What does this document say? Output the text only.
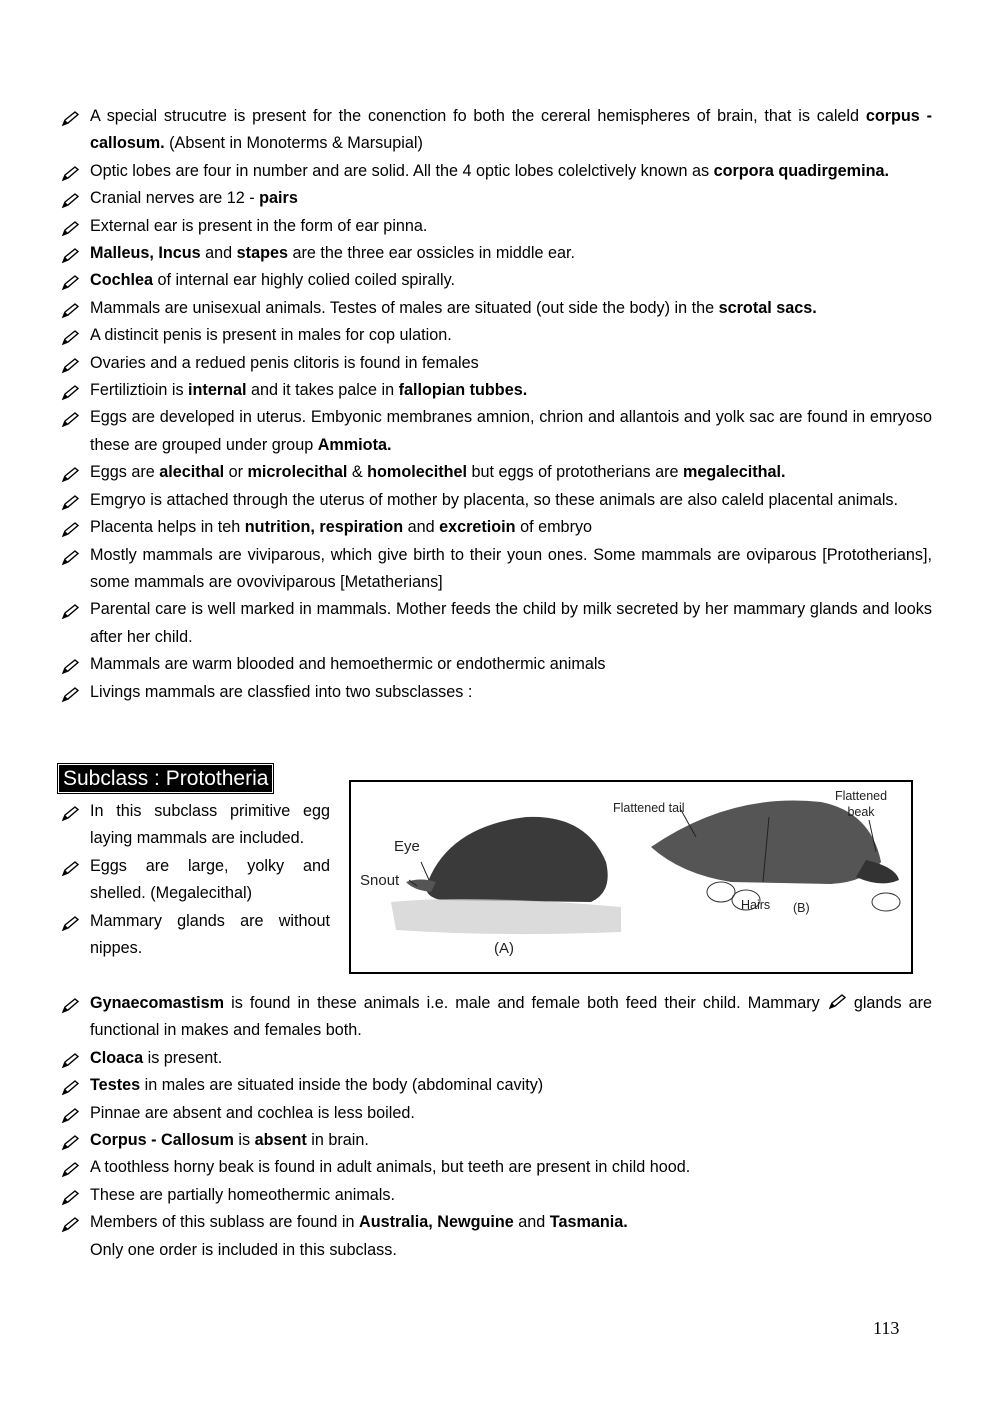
A special strucutre is present for the conenction fo both the cereral hemispheres of brain, that is caleld corpus - callosum. (Absent in Monoterms & Marsupial)
Optic lobes are four in number and are solid. All the 4 optic lobes colelctively known as corpora quadirgemina.
Cranial nerves are 12 - pairs
External ear is present in the form of ear pinna.
Malleus, Incus and stapes are the three ear ossicles in middle ear.
Cochlea of internal ear highly colied coiled spirally.
Mammals are unisexual animals. Testes of males are situated (out side the body) in the scrotal sacs.
A distincit penis is present in males for cop ulation.
Ovaries and a redued penis clitoris is found in females
Fertiliztioin is internal and it takes palce in fallopian tubbes.
Eggs are developed in uterus. Embyonic membranes amnion, chrion and allantois and yolk sac are found in emryoso these are grouped under group Ammiota.
Eggs are alecithal or microlecithal & homolecithel but eggs of prototherians are megalecithal.
Emgryo is attached through the uterus of mother by placenta, so these animals are also caleld placental animals.
Placenta helps in teh nutrition, respiration and excretioin of embryo
Mostly mammals are viviparous, which give birth to their youn ones. Some mammals are oviparous [Prototherians], some mammals are ovoviviparous [Metatherians]
Parental care is well marked in mammals. Mother feeds the child by milk secreted by her mammary glands and looks after her child.
Mammals are warm blooded and hemoethermic or endothermic animals
Livings mammals are classfied into two subsclasses :
Subclass : Prototheria
In this subclass primitive egg laying mammals are included.
Eggs are large, yolky and shelled. (Megalecithal)
Mammary glands are without nippes.
Eye
Snout
(A)
Flattened tail
Flattened beak
Hairs (B)
Gynaecomastism is found in these animals i.e. male and female both feed their child. Mammary  glands are functional in makes and females both.
Cloaca is present.
Testes in males are situated inside the body (abdominal cavity)
Pinnae are absent and cochlea is less boiled.
Corpus - Callosum is absent in brain.
A toothless horny beak is found in adult animals, but teeth are present in child hood.
These are partially homeothermic animals.
Members of this sublass are found in Australia, Newguine and Tasmania.
Only one order is included in this subclass.
113
